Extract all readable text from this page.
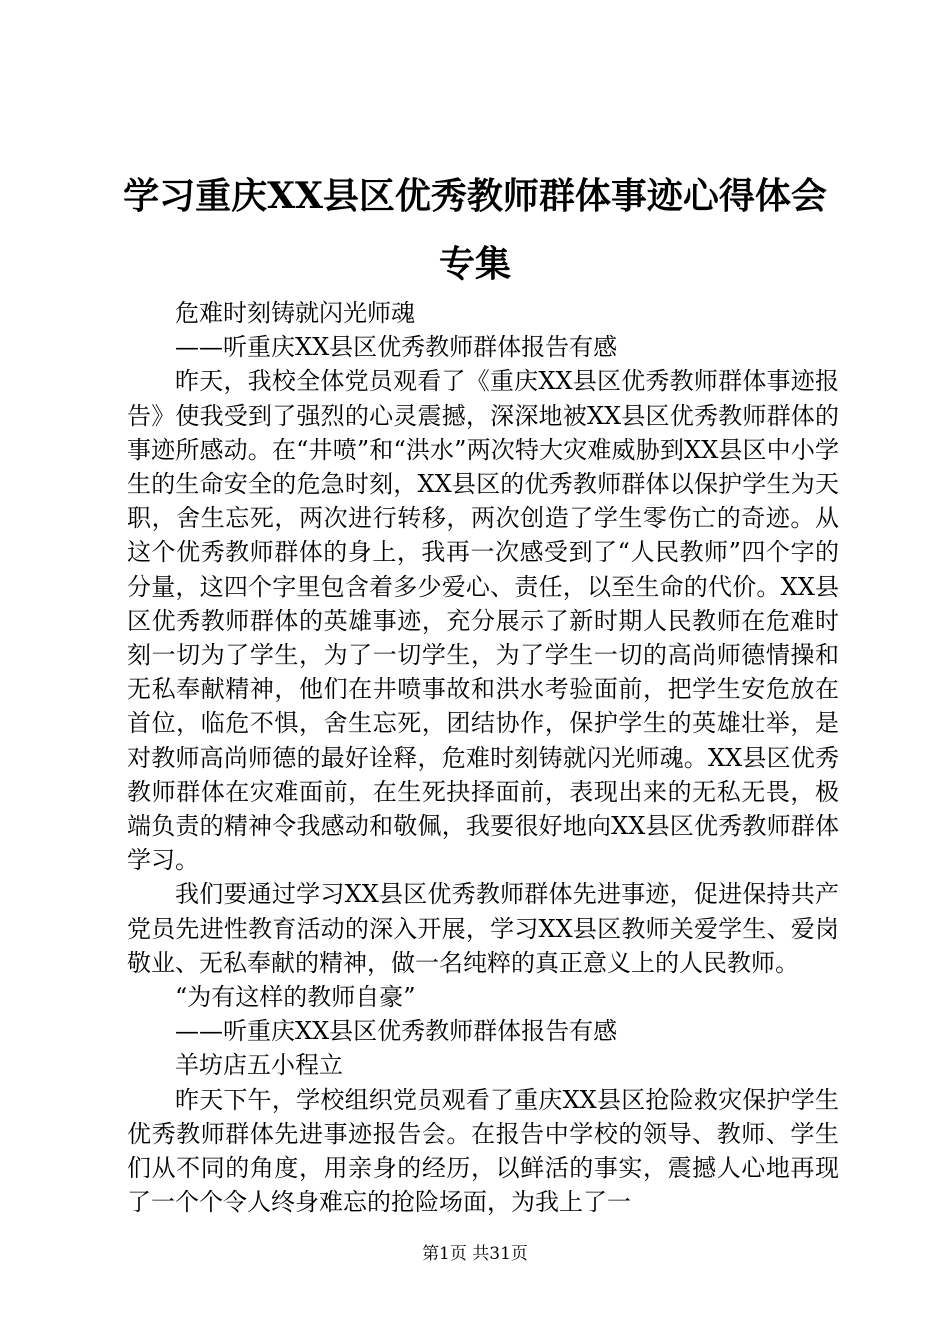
学习重庆XX县区优秀教师群体事迹心得体会专集

危难时刻铸就闪光师魂

——听重庆XX县区优秀教师群体报告有感

昨天，我校全体党员观看了《重庆XX县区优秀教师群体事迹报告》使我受到了强烈的心灵震撼，深深地被XX县区优秀教师群体的事迹所感动。在“井喷”和“洪水”两次特大灾难威胁到XX县区中小学生的生命安全的危急时刻，XX县区的优秀教师群体以保护学生为天职，舍生忘死，两次进行转移，两次创造了学生零伤亡的奇迹。从这个优秀教师群体的身上，我再一次感受到了“人民教师”四个字的分量，这四个字里包含着多少爱心、责任，以至生命的代价。XX县区优秀教师群体的英雄事迹，充分展示了新时期人民教师在危难时刻一切为了学生，为了一切学生，为了学生一切的高尚师德情操和无私奉献精神，他们在井喷事故和洪水考验面前，把学生安危放在首位，临危不惧，舍生忘死，团结协作，保护学生的英雄壮举，是对教师高尚师德的最好诠释，危难时刻铸就闪光师魂。XX县区优秀教师群体在灾难面前，在生死抉择面前，表现出来的无私无畏，极端负责的精神令我感动和敬佩，我要很好地向XX县区优秀教师群体学习。

我们要通过学习XX县区优秀教师群体先进事迹，促进保持共产党员先进性教育活动的深入开展，学习XX县区教师关爱学生、爱岗敬业、无私奉献的精神，做一名纯粹的真正意义上的人民教师。

“为有这样的教师自豪”

——听重庆XX县区优秀教师群体报告有感

羊坊店五小程立

昨天下午，学校组织党员观看了重庆XX县区抢险救灾保护学生优秀教师群体先进事迹报告会。在报告中学校的领导、教师、学生们从不同的角度，用亲身的经历，以鲜活的事实，震撼人心地再现了一个个令人终身难忘的抢险场面，为我上了一

第1页 共31页
